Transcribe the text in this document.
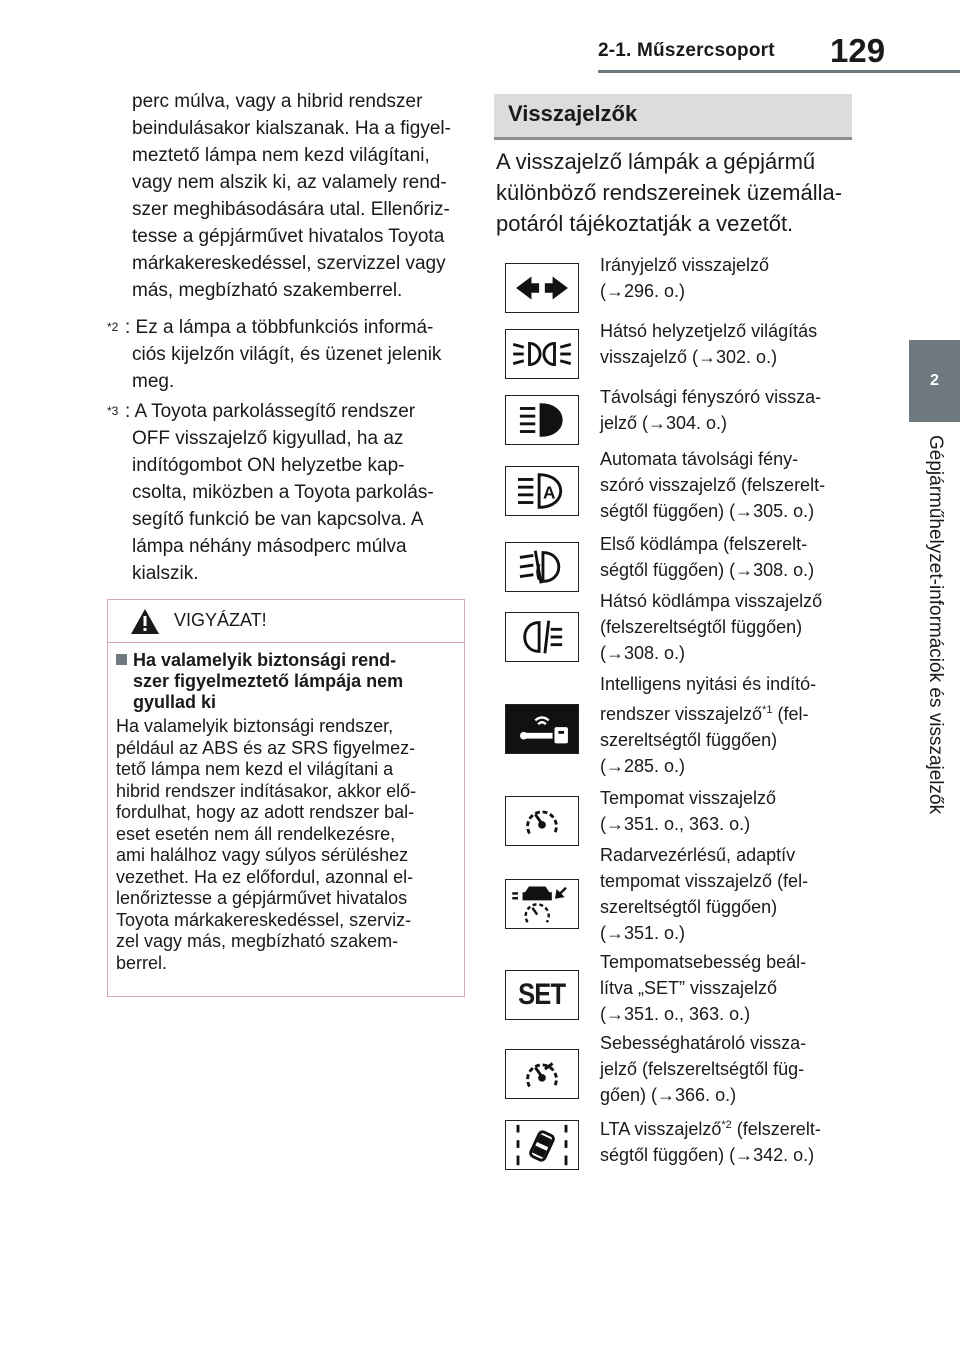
2-1. Műszercsoport 129
2
Gépjárműhelyzet-információk és visszajelzők
perc múlva, vagy a hibrid rendszer
beindulásakor kialszanak. Ha a figyel-
meztető lámpa nem kezd világítani,
vagy nem alszik ki, az valamely rend-
szer meghibásodására utal. Ellenőriz-
tesse a gépjárművet hivatalos Toyota
márkakereskedéssel, szervizzel vagy
más, megbízható szakemberrel.
$^{*2}$ : Ez a lámpa a többfunkciós informá-
ciós kijelzőn világít, és üzenet jelenik
meg.
$^{*3}$ : A Toyota parkolássegítő rendszer
OFF visszajelző kigyullad, ha az
indítógombot ON helyzetbe kap-
csolta, miközben a Toyota parkolás-
segítő funkció be van kapcsolva. A
lámpa néhány másodperc múlva
kialszik.
VIGYÁZAT!
Ha valamelyik biztonsági rend-
szer figyelmeztető lámpája nem
gyullad ki
Ha valamelyik biztonsági rendszer,
például az ABS és az SRS figyelmez-
tető lámpa nem kezd el világítani a
hibrid rendszer indításakor, akkor elő-
fordulhat, hogy az adott rendszer bal-
eset esetén nem áll rendelkezésre,
ami halálhoz vagy súlyos sérüléshez
vezethet. Ha ez előfordul, azonnal el-
lenőriztesse a gépjárművet hivatalos
Toyota márkakereskedéssel, szerviz-
zel vagy más, megbízható szakem-
berrel.
Visszajelzők
A visszajelző lámpák a gépjármű
különböző rendszereinek üzemálla-
potáról tájékoztatják a vezetőt.
Irányjelző visszajelző
(→296. o.)
Hátsó helyzetjelző világítás
visszajelző (→302. o.)
Távolsági fényszóró vissza-
jelző (→304. o.)
A
Automata távolsági fény-
szóró visszajelző (felszerelt-
ségtől függően) (→305. o.)
Első ködlámpa (felszerelt-
ségtől függően) (→308. o.)
Hátsó ködlámpa visszajelző
(felszereltségtől függően)
(→308. o.)
Intelligens nyitási és indító-
rendszer visszajelző$^{*1}$ (fel-
szereltségtől függően)
(→285. o.)
Tempomat visszajelző
(→351. o., 363. o.)
Radarvezérlésű, adaptív
tempomat visszajelző (fel-
szereltségtől függően)
(→351. o.)
SET
Tempomatsebesség beál-
lítva „SET” visszajelző
(→351. o., 363. o.)
Sebességhatároló vissza-
jelző (felszereltségtől füg-
gően) (→366. o.)
LTA visszajelző$^{*2}$ (felszerelt-
ségtől függően) (→342. o.)
